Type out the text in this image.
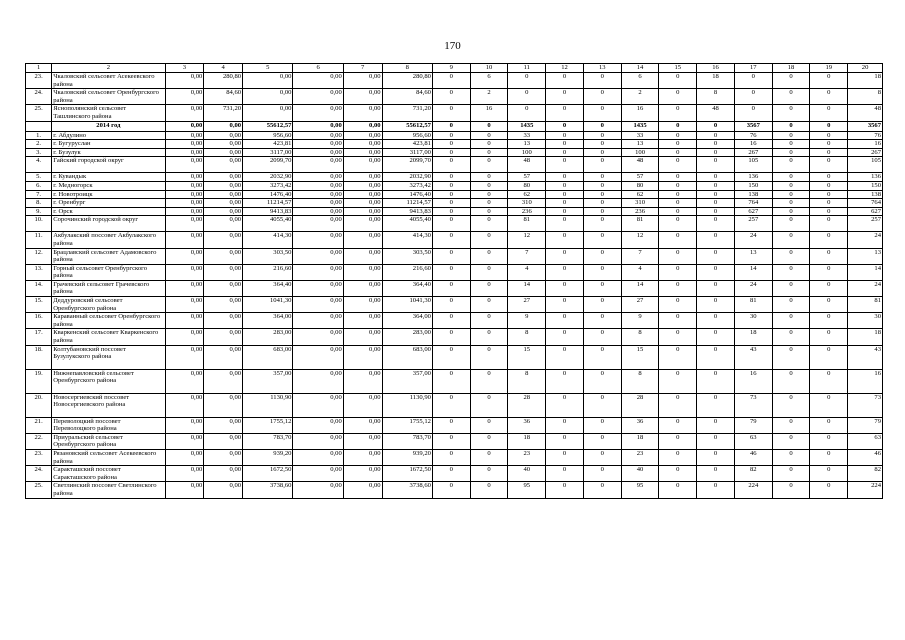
170
1	2	3	4	5	6	7	8	9	10	11	12	13	14	15	16	17	18	19	20
23.	Чкаловский сельсовет Асекеевского района	0,00	280,80	0,00	0,00	0,00	280,80	0	6	0	0	0	6	0	18	0	0	0	18
24.	Чкаловский сельсовет Оренбургского района	0,00	84,60	0,00	0,00	0,00	84,60	0	2	0	0	0	2	0	8	0	0	0	8
25.	Яснополянский сельсовет Ташлинского района	0,00	731,20	0,00	0,00	0,00	731,20	0	16	0	0	0	16	0	48	0	0	0	48
	2014 год	0,00	0,00	55612,57	0,00	0,00	55612,57	0	0	1435	0	0	1435	0	0	3567	0	0	3567
1.	г. Абдулино	0,00	0,00	956,60	0,00	0,00	956,60	0	0	33	0	0	33	0	0	76	0	0	76
2.	г. Бугуруслан	0,00	0,00	423,81	0,00	0,00	423,81	0	0	13	0	0	13	0	0	16	0	0	16
3.	г. Бузулук	0,00	0,00	3117,00	0,00	0,00	3117,00	0	0	100	0	0	100	0	0	267	0	0	267
4.	Гайский городской округ	0,00	0,00	2099,70	0,00	0,00	2099,70	0	0	48	0	0	48	0	0	105	0	0	105
5.	г. Кувандык	0,00	0,00	2032,90	0,00	0,00	2032,90	0	0	57	0	0	57	0	0	136	0	0	136
6.	г. Медногорск	0,00	0,00	3273,42	0,00	0,00	3273,42	0	0	80	0	0	80	0	0	150	0	0	150
7.	г. Новотроицк	0,00	0,00	1476,40	0,00	0,00	1476,40	0	0	62	0	0	62	0	0	138	0	0	138
8.	г. Оренбург	0,00	0,00	11214,57	0,00	0,00	11214,57	0	0	310	0	0	310	0	0	764	0	0	764
9.	г. Орск	0,00	0,00	9413,83	0,00	0,00	9413,83	0	0	236	0	0	236	0	0	627	0	0	627
10.	Сорочинский городской округ	0,00	0,00	4055,40	0,00	0,00	4055,40	0	0	81	0	0	81	0	0	257	0	0	257
11.	Акбулакский поссовет Акбулакского района	0,00	0,00	414,30	0,00	0,00	414,30	0	0	12	0	0	12	0	0	24	0	0	24
12.	Брацлавский сельсовет Адамовского района	0,00	0,00	303,50	0,00	0,00	303,50	0	0	7	0	0	7	0	0	13	0	0	13
13.	Горный сельсовет Оренбургского района	0,00	0,00	216,60	0,00	0,00	216,60	0	0	4	0	0	4	0	0	14	0	0	14
14.	Грачевский сельсовет Грачевского района	0,00	0,00	364,40	0,00	0,00	364,40	0	0	14	0	0	14	0	0	24	0	0	24
15.	Деддуровский сельсовет Оренбургского района	0,00	0,00	1041,30	0,00	0,00	1041,30	0	0	27	0	0	27	0	0	81	0	0	81
16.	Караванный сельсовет Оренбургского района	0,00	0,00	364,00	0,00	0,00	364,00	0	0	9	0	0	9	0	0	30	0	0	30
17.	Кваркенский сельсовет Кваркенского района	0,00	0,00	283,00	0,00	0,00	283,00	0	0	8	0	0	8	0	0	18	0	0	18
18.	Колтубановский поссовет Бузулукского района	0,00	0,00	683,00	0,00	0,00	683,00	0	0	15	0	0	15	0	0	43	0	0	43
19.	Нижнепавловский сельсовет Оренбургского района	0,00	0,00	357,00	0,00	0,00	357,00	0	0	8	0	0	8	0	0	16	0	0	16
20.	Новосергиевский поссовет Новосергиевского района	0,00	0,00	1130,90	0,00	0,00	1130,90	0	0	28	0	0	28	0	0	73	0	0	73
21.	Переволоцкий поссовет Переволоцкого района	0,00	0,00	1755,12	0,00	0,00	1755,12	0	0	36	0	0	36	0	0	79	0	0	79
22.	Приуральский сельсовет Оренбургского района	0,00	0,00	783,70	0,00	0,00	783,70	0	0	18	0	0	18	0	0	63	0	0	63
23.	Рязановский сельсовет Асекеевского района	0,00	0,00	939,20	0,00	0,00	939,20	0	0	23	0	0	23	0	0	46	0	0	46
24.	Саракташский поссовет Саракташского района	0,00	0,00	1672,50	0,00	0,00	1672,50	0	0	40	0	0	40	0	0	82	0	0	82
25.	Светлинский поссовет Светлинского района	0,00	0,00	3738,60	0,00	0,00	3738,60	0	0	95	0	0	95	0	0	224	0	0	224
